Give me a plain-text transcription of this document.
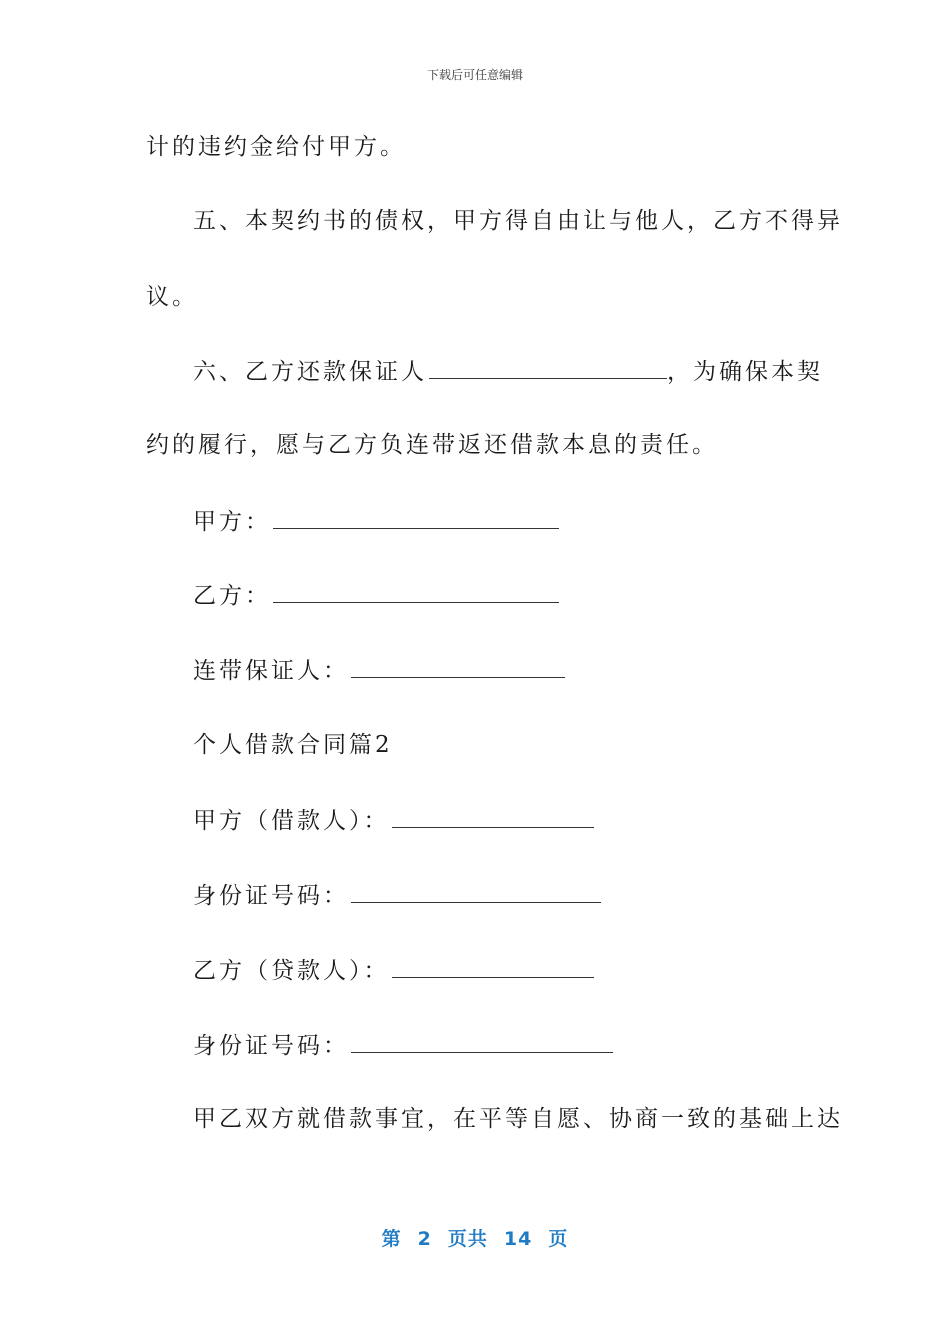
下载后可任意编辑
计的违约金给付甲方。
五、本契约书的债权，甲方得自由让与他人，乙方不得异
议。
六、乙方还款保证人	，为确保本契
约的履行，愿与乙方负连带返还借款本息的责任。
甲方：
乙方：
连带保证人：
个人借款合同篇2
甲方（借款人）：
身份证号码：
乙方（贷款人）：
身份证号码：
甲乙双方就借款事宜，在平等自愿、协商一致的基础上达
第 2 页共 14 页
